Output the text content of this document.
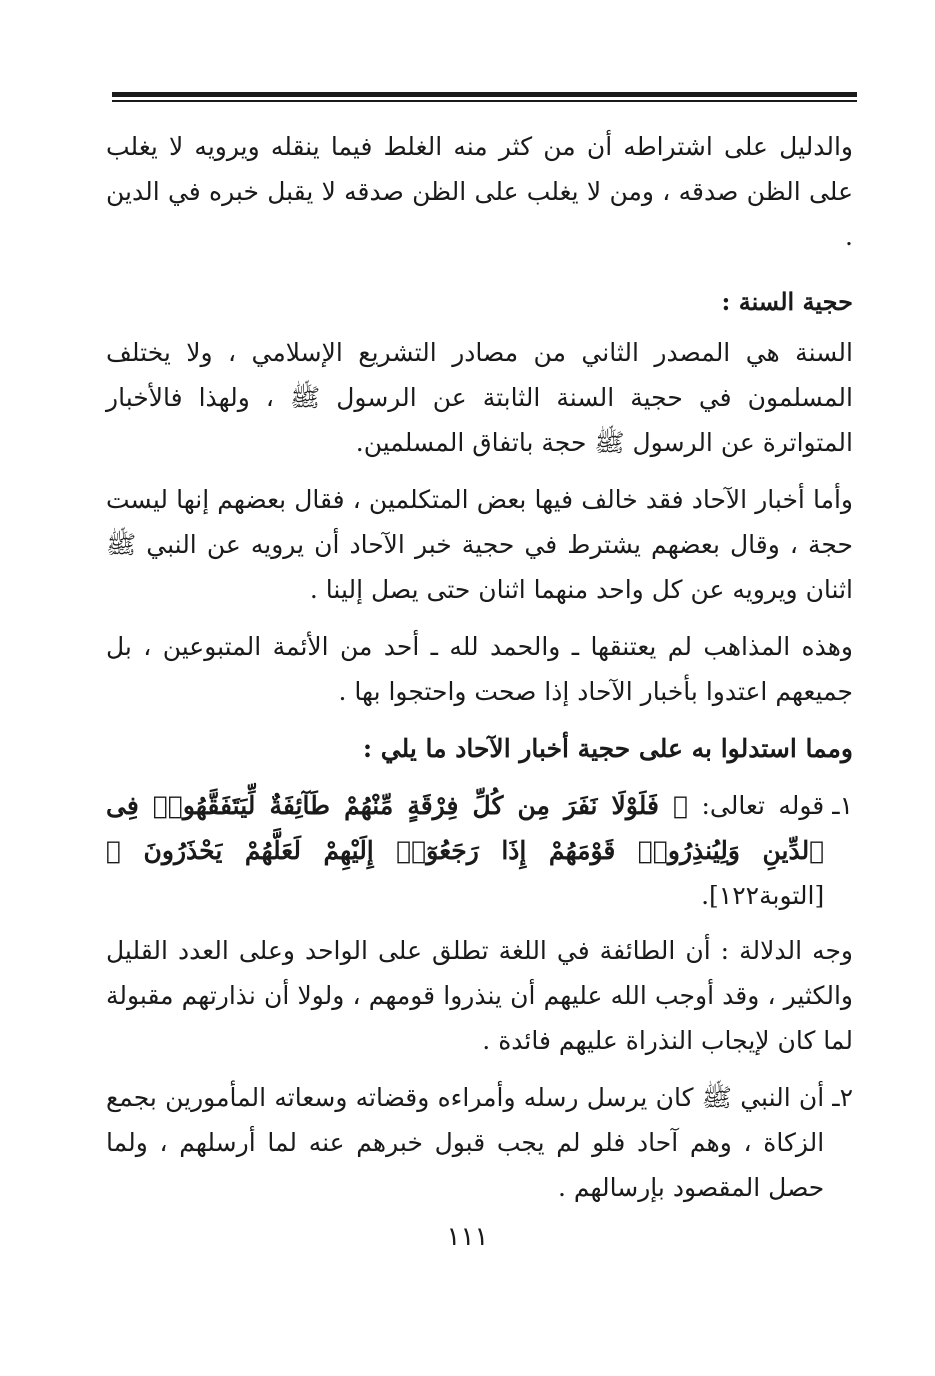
والدليل على اشتراطه أن من كثر منه الغلط فيما ينقله ويرويه لا يغلب على الظن صدقه ، ومن لا يغلب على الظن صدقه لا يقبل خبره في الدين .

حجية السنة :

السنة هي المصدر الثاني من مصادر التشريع الإسلامي ، ولا يختلف المسلمون في حجية السنة الثابتة عن الرسول ﷺ ، ولهذا فالأخبار المتواترة عن الرسول ﷺ حجة باتفاق المسلمين.

وأما أخبار الآحاد فقد خالف فيها بعض المتكلمين ، فقال بعضهم إنها ليست حجة ، وقال بعضهم يشترط في حجية خبر الآحاد أن يرويه عن النبي ﷺ اثنان ويرويه عن كل واحد منهما اثنان حتى يصل إلينا .

وهذه المذاهب لم يعتنقها ـ والحمد لله ـ أحد من الأئمة المتبوعين ، بل جميعهم اعتدوا بأخبار الآحاد إذا صحت واحتجوا بها .

ومما استدلوا به على حجية أخبار الآحاد ما يلي :

١ـ
قوله تعالى: ﴿ فَلَوْلَا نَفَرَ مِن كُلِّ فِرْقَةٍ مِّنْهُمْ طَآئِفَةٌ لِّيَتَفَقَّهُوا۟ فِى ٱلدِّينِ وَلِيُنذِرُوا۟ قَوْمَهُمْ إِذَا رَجَعُوٓا۟ إِلَيْهِمْ لَعَلَّهُمْ يَحْذَرُونَ ﴾ [التوبة١٢٢].

وجه الدلالة : أن الطائفة في اللغة تطلق على الواحد وعلى العدد القليل والكثير ، وقد أوجب الله عليهم أن ينذروا قومهم ، ولولا أن نذارتهم مقبولة لما كان لإيجاب النذراة عليهم فائدة .

٢ـ
أن النبي ﷺ كان يرسل رسله وأمراءه وقضاته وسعاته المأمورين بجمع الزكاة ، وهم آحاد فلو لم يجب قبول خبرهم عنه لما أرسلهم ، ولما حصل المقصود بإرسالهم .
١١١
